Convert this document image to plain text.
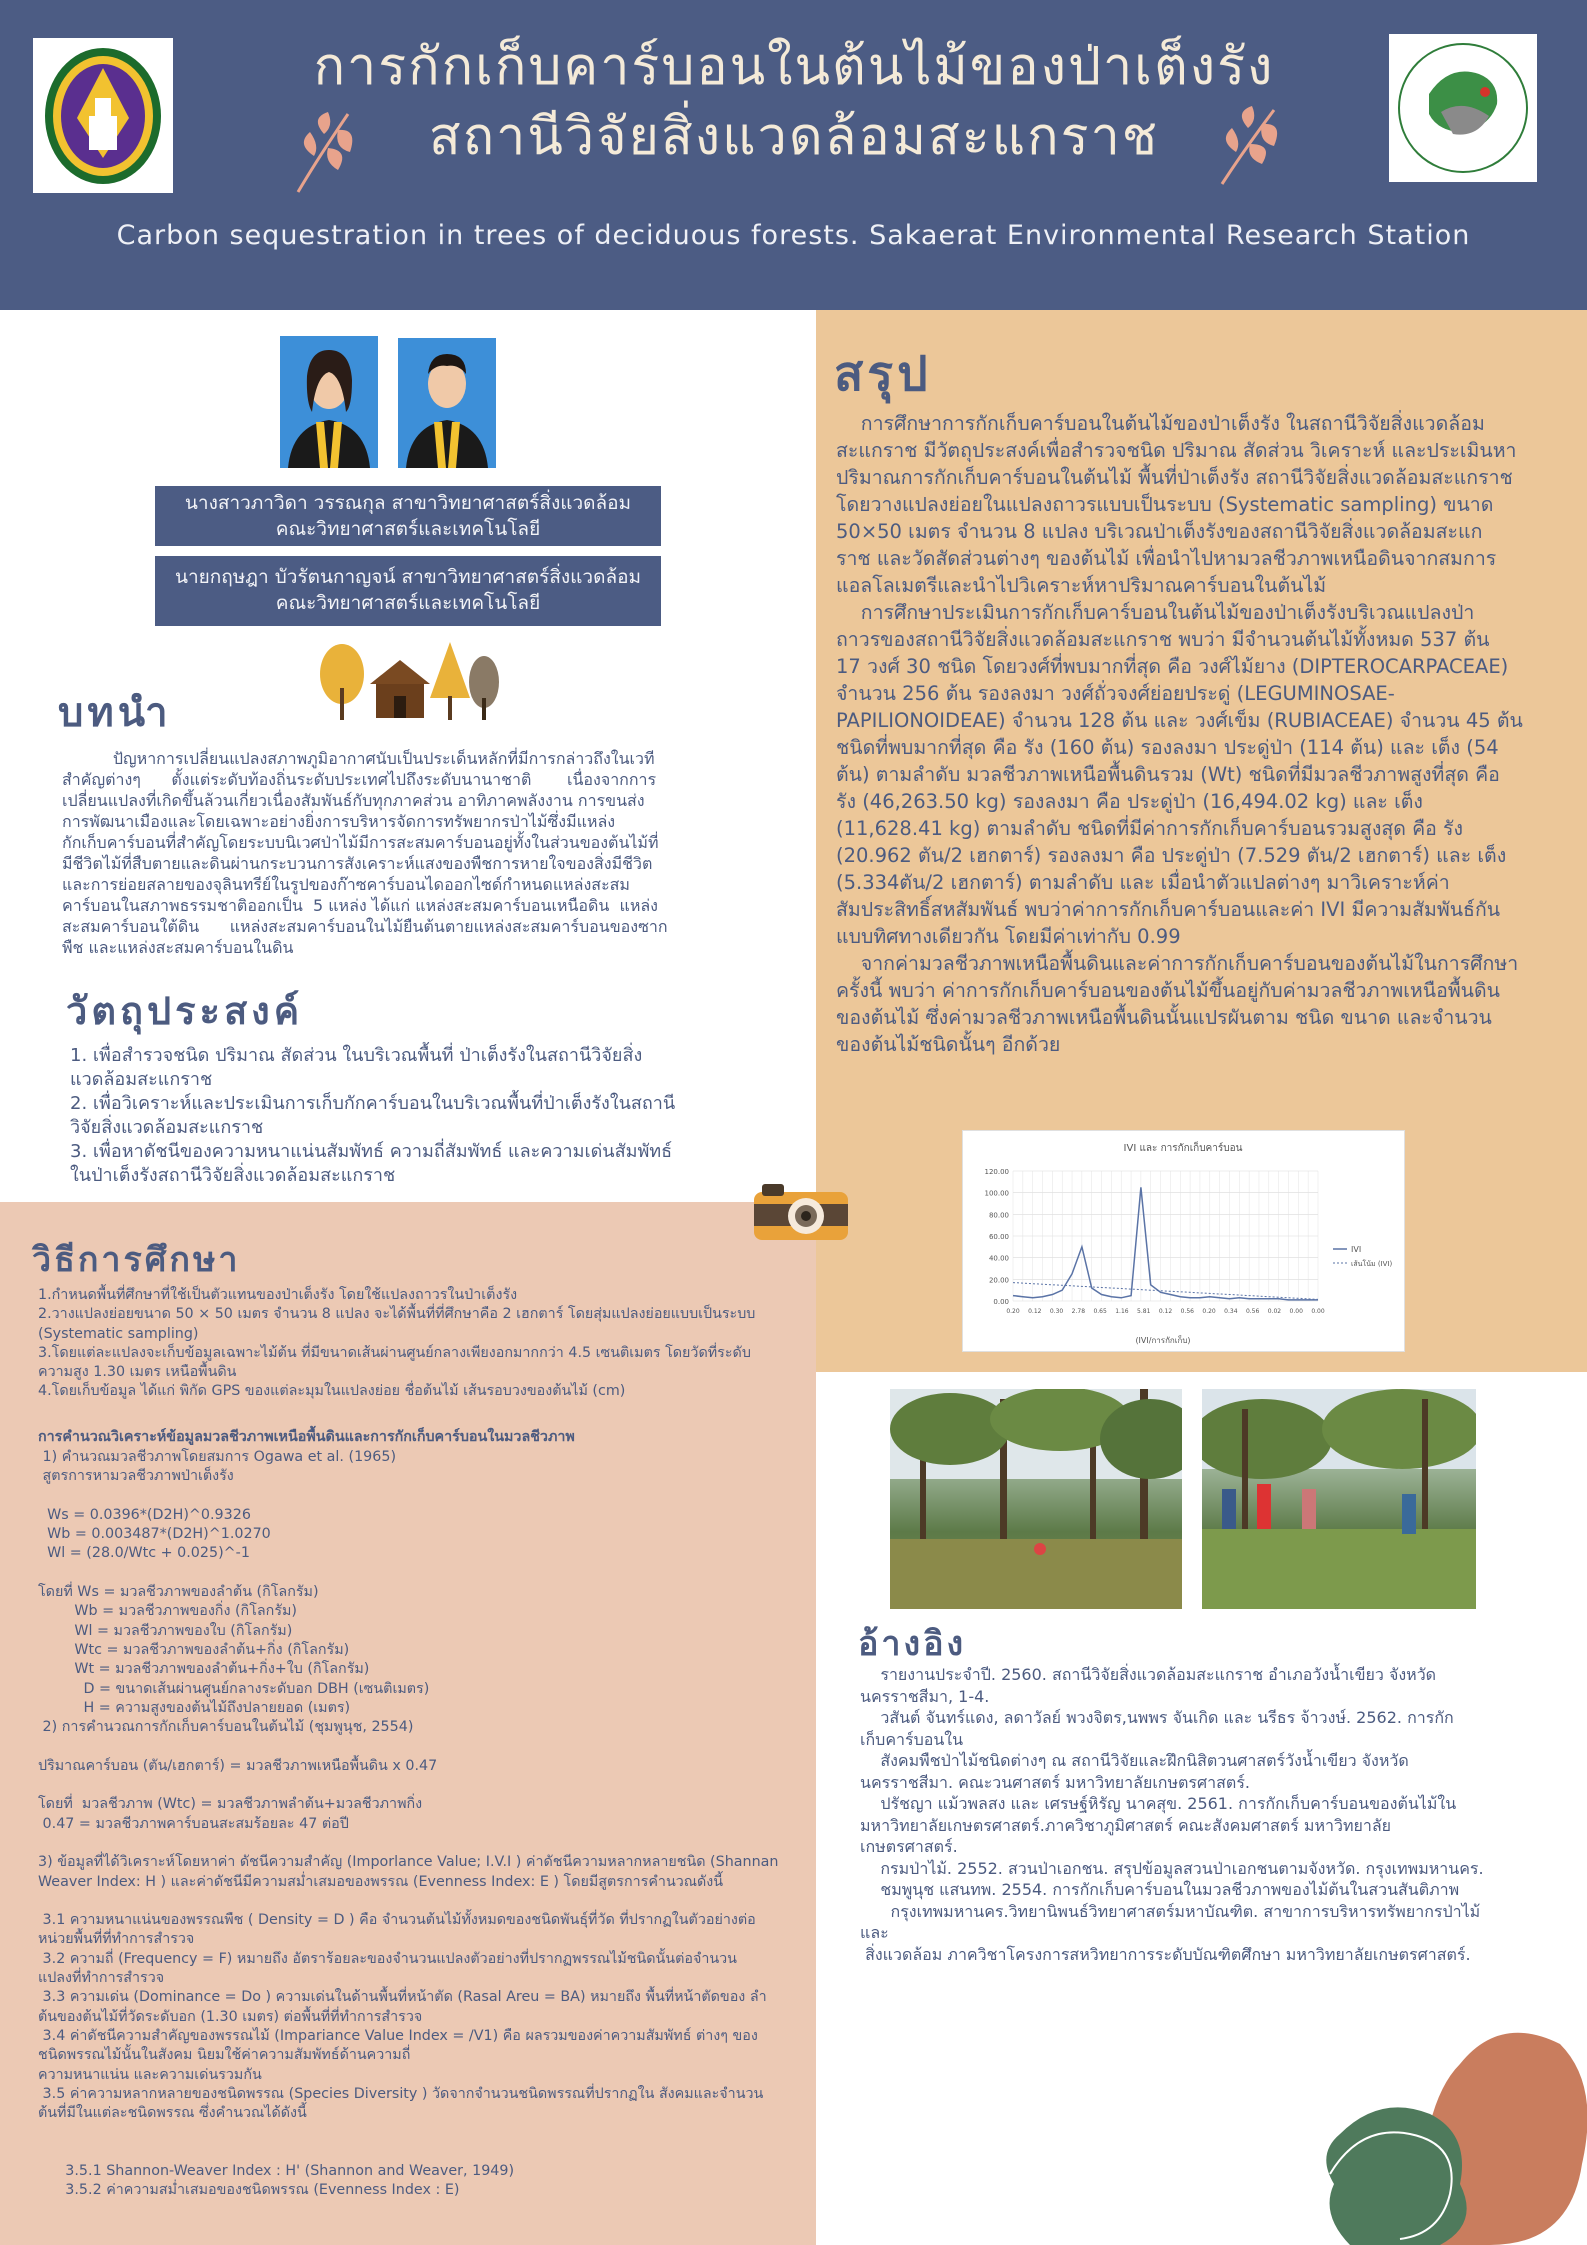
การกักเก็บคาร์บอนในต้นไม้ของป่าเต็งรัง
สถานีวิจัยสิ่งแวดล้อมสะแกราช
Carbon sequestration in trees of deciduous forests. Sakaerat Environmental Research Station
นางสาวภาวิดา วรรณกุล สาขาวิทยาศาสตร์สิ่งแวดล้อม
คณะวิทยาศาสตร์และเทคโนโลยี
นายกฤษฎา บัวรัตนกาญจน์ สาขาวิทยาศาสตร์สิ่งแวดล้อม
คณะวิทยาศาสตร์และเทคโนโลยี
บทนำ
ปัญหาการเปลี่ยนแปลงสภาพภูมิอากาศนับเป็นประเด็นหลักที่มีการกล่าวถึงในเวที
สำคัญต่างๆ      ตั้งแต่ระดับท้องถิ่นระดับประเทศไปถึงระดับนานาชาติ       เนื่องจากการ
เปลี่ยนแปลงที่เกิดขึ้นล้วนเกี่ยวเนื่องสัมพันธ์กับทุกภาคส่วน อาทิภาคพลังงาน การขนส่ง
การพัฒนาเมืองและโดยเฉพาะอย่างยิ่งการบริหารจัดการทรัพยากรป่าไม้ซึ่งมีแหล่ง
กักเก็บคาร์บอนที่สำคัญโดยระบบนิเวศป่าไม้มีการสะสมคาร์บอนอยู่ทั้งในส่วนของต้นไม้ที่
มีชีวิตไม้ที่สืบตายและดินผ่านกระบวนการสังเคราะห์แสงของพืชการหายใจของสิ่งมีชีวิต
และการย่อยสลายของจุลินทรีย์ในรูปของก๊าซคาร์บอนไดออกไซด์กำหนดแหล่งสะสม
คาร์บอนในสภาพธรรมชาติออกเป็น  5 แหล่ง ได้แก่ แหล่งสะสมคาร์บอนเหนือดิน  แหล่ง
สะสมคาร์บอนใต้ดิน      แหล่งสะสมคาร์บอนในไม้ยืนต้นตายแหล่งสะสมคาร์บอนของซาก
พืช และแหล่งสะสมคาร์บอนในดิน
วัตถุประสงค์
1. เพื่อสำรวจชนิด ปริมาณ สัดส่วน ในบริเวณพื้นที่ ป่าเต็งรังในสถานีวิจัยสิ่ง
แวดล้อมสะแกราช
2. เพื่อวิเคราะห์และประเมินการเก็บกักคาร์บอนในบริเวณพื้นที่ป่าเต็งรังในสถานี
วิจัยสิ่งแวดล้อมสะแกราช
3. เพื่อหาดัชนีของความหนาแน่นสัมพัทธ์ ความถี่สัมพัทธ์ และความเด่นสัมพัทธ์
ในป่าเต็งรังสถานีวิจัยสิ่งแวดล้อมสะแกราช
วิธีการศึกษา
1.กำหนดพื้นที่ศึกษาที่ใช้เป็นตัวแทนของป่าเต็งรัง โดยใช้แปลงถาวรในป่าเต็งรัง
2.วางแปลงย่อยขนาด 50 × 50 เมตร จำนวน 8 แปลง จะได้พื้นที่ที่ศึกษาคือ 2 เฮกตาร์ โดยสุ่มแปลงย่อยแบบเป็นระบบ
(Systematic sampling)
3.โดยแต่ละแปลงจะเก็บข้อมูลเฉพาะไม้ต้น ที่มีขนาดเส้นผ่านศูนย์กลางเพียงอกมากกว่า 4.5 เซนติเมตร โดยวัดที่ระดับ
ความสูง 1.30 เมตร เหนือพื้นดิน
4.โดยเก็บข้อมูล ได้แก่ พิกัด GPS ของแต่ละมุมในแปลงย่อย ชื่อต้นไม้ เส้นรอบวงของต้นไม้ (cm)

การคำนวณวิเคราะห์ข้อมูลมวลชีวภาพเหนือพื้นดินและการกักเก็บคาร์บอนในมวลชีวภาพ
1) คำนวณมวลชีวภาพโดยสมการ Ogawa et al. (1965)
สูตรการหามวลชีวภาพป่าเต็งรัง

Ws = 0.0396*(D2H)^0.9326
Wb = 0.003487*(D2H)^1.0270
Wl = (28.0/Wtc + 0.025)^-1

โดยที่ Ws = มวลชีวภาพของลำต้น (กิโลกรัม)
Wb = มวลชีวภาพของกิ่ง (กิโลกรัม)
Wl = มวลชีวภาพของใบ (กิโลกรัม)
Wtc = มวลชีวภาพของลำต้น+กิ่ง (กิโลกรัม)
Wt = มวลชีวภาพของลำต้น+กิ่ง+ใบ (กิโลกรัม)
D = ขนาดเส้นผ่านศูนย์กลางระดับอก DBH (เซนติเมตร)
H = ความสูงของต้นไม้ถึงปลายยอด (เมตร)
2) การคำนวณการกักเก็บคาร์บอนในต้นไม้ (ชุมพูนุช, 2554)

ปริมาณคาร์บอน (ตัน/เฮกตาร์) = มวลชีวภาพเหนือพื้นดิน x 0.47

โดยที่  มวลชีวภาพ (Wtc) = มวลชีวภาพลำต้น+มวลชีวภาพกิ่ง
0.47 = มวลชีวภาพคาร์บอนสะสมร้อยละ 47 ต่อปี

3) ข้อมูลที่ได้วิเคราะห์โดยหาค่า ดัชนีความสำคัญ (Imporlance Value; I.V.I ) ค่าดัชนีความหลากหลายชนิด (Shannan
Weaver Index: H ) และค่าดัชนีมีความสม่ำเสมอของพรรณ (Evenness Index: E ) โดยมีสูตรการคำนวณดังนี้

3.1 ความหนาแน่นของพรรณพืช ( Density = D ) คือ จำนวนต้นไม้ทั้งหมดของชนิดพันธุ์ที่วัด ที่ปรากฏในตัวอย่างต่อ
หน่วยพื้นที่ที่ทำการสำรวจ
3.2 ความถี่ (Frequency = F) หมายถึง อัตราร้อยละของจำนวนแปลงตัวอย่างที่ปรากฏพรรณไม้ชนิดนั้นต่อจำนวน
แปลงที่ทำการสำรวจ
3.3 ความเด่น (Dominance = Do ) ความเด่นในด้านพื้นที่หน้าตัด (Rasal Areu = BA) หมายถึง พื้นที่หน้าตัดของ ลำ
ต้นของต้นไม้ที่วัดระดับอก (1.30 เมตร) ต่อพื้นที่ที่ทำการสำรวจ
3.4 ค่าดัชนีความสำคัญของพรรณไม้ (Impariance Value Index = /V1) คือ ผลรวมของค่าความสัมพัทธ์ ต่างๆ ของ
ชนิดพรรณไม้นั้นในสังคม นิยมใช้ค่าความสัมพัทธ์ด้านความถี่
ความหนาแน่น และความเด่นรวมกัน
3.5 ค่าความหลากหลายของชนิดพรรณ (Species Diversity ) วัดจากจำนวนชนิดพรรณที่ปรากฏใน สังคมและจำนวน
ต้นที่มีในแต่ละชนิดพรรณ ซึ่งคำนวณได้ดังนี้

3.5.1 Shannon-Weaver Index : H' (Shannon and Weaver, 1949)
3.5.2 ค่าความสม่ำเสมอของชนิดพรรณ (Evenness Index : E)
สรุป
การศึกษาการกักเก็บคาร์บอนในต้นไม้ของป่าเต็งรัง ในสถานีวิจัยสิ่งแวดล้อม
สะแกราช มีวัตถุประสงค์เพื่อสำรวจชนิด ปริมาณ สัดส่วน วิเคราะห์ และประเมินหา
ปริมาณการกักเก็บคาร์บอนในต้นไม้ พื้นที่ป่าเต็งรัง สถานีวิจัยสิ่งแวดล้อมสะแกราช
โดยวางแปลงย่อยในแปลงถาวรแบบเป็นระบบ (Systematic sampling) ขนาด
50×50 เมตร จำนวน 8 แปลง บริเวณป่าเต็งรังของสถานีวิจัยสิ่งแวดล้อมสะแก
ราช และวัดสัดส่วนต่างๆ ของต้นไม้ เพื่อนำไปหามวลชีวภาพเหนือดินจากสมการ
แอลโลเมตรีและนำไปวิเคราะห์หาปริมาณคาร์บอนในต้นไม้
การศึกษาประเมินการกักเก็บคาร์บอนในต้นไม้ของป่าเต็งรังบริเวณแปลงป่า
ถาวรของสถานีวิจัยสิ่งแวดล้อมสะแกราช พบว่า มีจำนวนต้นไม้ทั้งหมด 537 ต้น
17 วงศ์ 30 ชนิด โดยวงศ์ที่พบมากที่สุด คือ วงศ์ไม้ยาง (DIPTEROCARPACEAE)
จำนวน 256 ต้น รองลงมา วงศ์ถั่วจงศ์ย่อยประดู่ (LEGUMINOSAE-
PAPILIONOIDEAE) จำนวน 128 ต้น และ วงศ์เข็ม (RUBIACEAE) จำนวน 45 ต้น
ชนิดที่พบมากที่สุด คือ รัง (160 ต้น) รองลงมา ประดู่ป่า (114 ต้น) และ เต็ง (54
ต้น) ตามลำดับ มวลชีวภาพเหนือพื้นดินรวม (Wt) ชนิดที่มีมวลชีวภาพสูงที่สุด คือ
รัง (46,263.50 kg) รองลงมา คือ ประดู่ป่า (16,494.02 kg) และ เต็ง
(11,628.41 kg) ตามลำดับ ชนิดที่มีค่าการกักเก็บคาร์บอนรวมสูงสุด คือ รัง
(20.962 ตัน/2 เฮกตาร์) รองลงมา คือ ประดู่ป่า (7.529 ตัน/2 เฮกตาร์) และ เต็ง
(5.334ตัน/2 เฮกตาร์) ตามลำดับ และ เมื่อนำตัวแปลต่างๆ มาวิเคราะห์ค่า
สัมประสิทธิ์สหสัมพันธ์ พบว่าค่าการกักเก็บคาร์บอนและค่า IVI มีความสัมพันธ์กัน
แบบทิศทางเดียวกัน โดยมีค่าเท่ากับ 0.99
จากค่ามวลชีวภาพเหนือพื้นดินและค่าการกักเก็บคาร์บอนของต้นไม้ในการศึกษา
ครั้งนี้ พบว่า ค่าการกักเก็บคาร์บอนของต้นไม้ขึ้นอยู่กับค่ามวลชีวภาพเหนือพื้นดิน
ของต้นไม้ ซึ่งค่ามวลชีวภาพเหนือพื้นดินนั้นแปรผันตาม ชนิด ขนาด และจำนวน
ของต้นไม้ชนิดนั้นๆ อีกด้วย
IVI และ การกักเก็บคาร์บอน
0.00
20.00
40.00
60.00
80.00
100.00
120.00
0.20 0.12 0.30 2.78 0.65 1.16 5.81 0.12 0.56 0.20 0.34 0.56 0.02 0.00 0.00
IVI
เส้นโน้ม (IVI)
(IVI/การกักเก็บ)
อ้างอิง
รายงานประจำปี. 2560. สถานีวิจัยสิ่งแวดล้อมสะแกราช อำเภอวังน้ำเขียว จังหวัด
นครราชสีมา, 1-4.
วสันต์ จันทร์แดง, ลดาวัลย์ พวงจิตร,นพพร จันเกิด และ นรีธร จ้าวงษ์. 2562. การกัก
เก็บคาร์บอนใน
สังคมพืชป่าไม้ชนิดต่างๆ ณ สถานีวิจัยและฝึกนิสิตวนศาสตร์วังน้ำเขียว จังหวัด
นครราชสีมา. คณะวนศาสตร์ มหาวิทยาลัยเกษตรศาสตร์.
ปรัชญา แม้วพลสง และ เศรษฐ์หิรัญ นาคสุข. 2561. การกักเก็บคาร์บอนของต้นไม้ใน
มหาวิทยาลัยเกษตรศาสตร์.ภาควิชาภูมิศาสตร์ คณะสังคมศาสตร์ มหาวิทยาลัย
เกษตรศาสตร์.
กรมป่าไม้. 2552. สวนป่าเอกชน. สรุปข้อมูลสวนป่าเอกชนตามจังหวัด. กรุงเทพมหานคร.
ชมพูนุช แสนทพ. 2554. การกักเก็บคาร์บอนในมวลชีวภาพของไม้ต้นในสวนสันติภาพ
กรุงเทพมหานคร.วิทยานิพนธ์วิทยาศาสตร์มหาบัณฑิต. สาขาการบริหารทรัพยากรป่าไม้
และ
สิ่งแวดล้อม ภาควิชาโครงการสหวิทยาการระดับบัณฑิตศึกษา มหาวิทยาลัยเกษตรศาสตร์.
